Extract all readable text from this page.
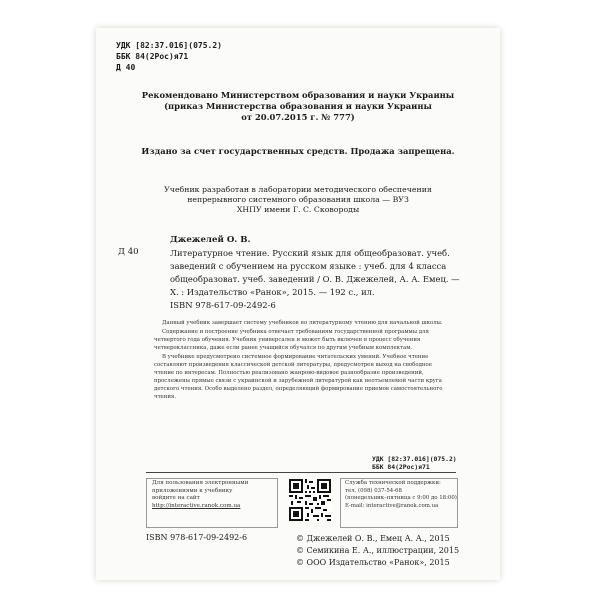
УДК [82:37.016](075.2)
ББК 84(2Рос)я71
Д 40
Рекомендовано Министерством образования и науки Украины
(приказ Министерства образования и науки Украины
от 20.07.2015 г. № 777)
Издано за счет государственных средств. Продажа запрещена.
Учебник разработан в лаборатории методического обеспечения
непрерывного системного образования школа — ВУЗ
ХНПУ имени Г. С. Сковороды
Джежелей О. В.
Д 40	Литературное чтение. Русский язык для общеобразоват. учеб.
заведений с обучением на русском языке : учеб. для 4 класса
общеобразоват. учеб. заведений / О. В. Джежелей, А. А. Емец. —
Х. : Издательство «Ранок», 2015. — 192 с., ил.
ISBN 978-617-09-2492-6

Данный учебник завершает систему учебников по литературному чтению для начальной школы.

Содержание и построение учебника отвечает требованиям государственной программы для четвертого года обучения. Учебник универсален и может быть включен в процесс обучения четвероклассника, даже если ранее учащийся обучался по другим учебным комплектам.

В учебнике предусмотрено системное формирование читательских умений. Учебное чтение составляют произведения классической детской литературы, предусмотрен выход на свободное чтение по интересам. Полностью реализовано жанрово-видовое разнообразие произведений, прослежены прямые связи с украинской и зарубежной литературой как неотъемлемой части круга детского чтения. Особо выделено раздел, определяющий формирование приемов самостоятельного чтения.

УДК [82:37.016](075.2)
ББК 84(2Рос)я71
Для пользования электронными
приложениями к учебнику
войдите на сайт
http://interactive.ranok.com.ua
Служба технической поддержки:
тел. (098) 037-54-68
(понедельник–пятница с 9:00 до 18:00)
E-mail: interactive@ranok.com.ua
ISBN 978-617-09-2492-6	© Джежелей О. В., Емец А. А., 2015
© Семикина Е. А., иллюстрации, 2015
© ООО Издательство «Ранок», 2015
